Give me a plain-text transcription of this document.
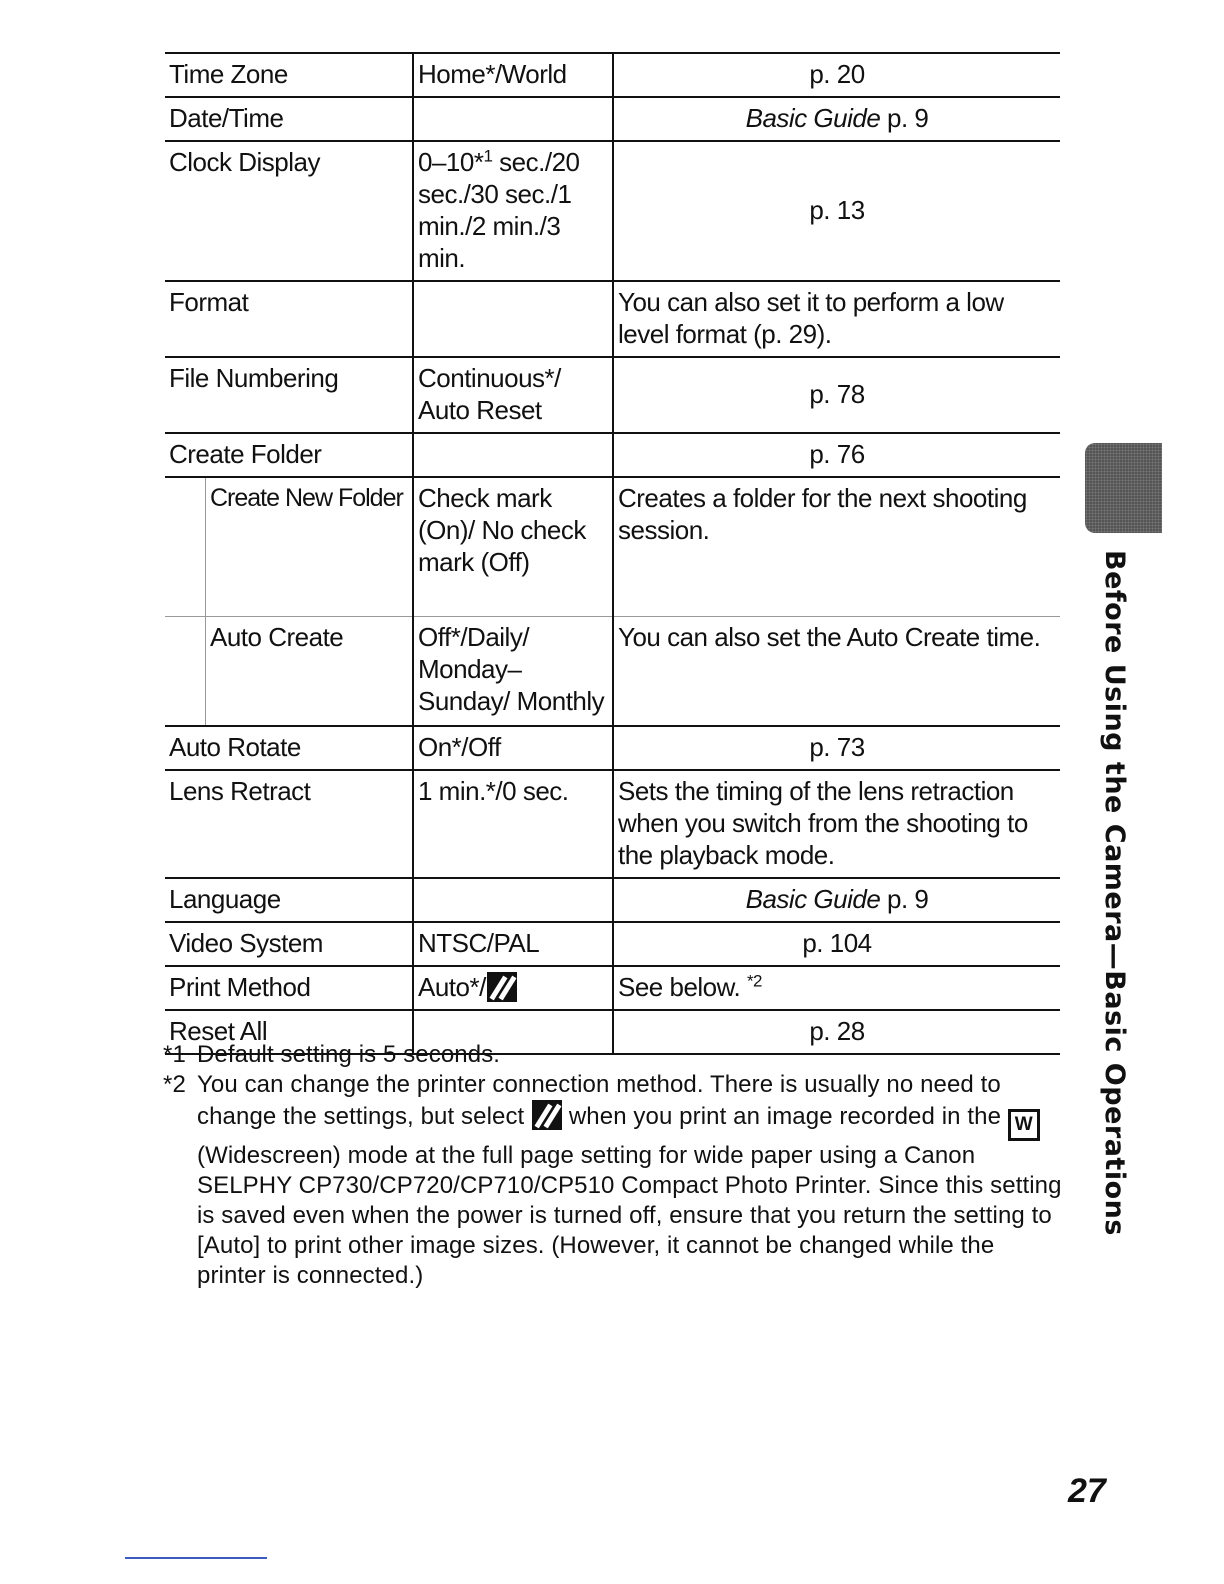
Time Zone	Home*/World	p. 20
Date/Time		Basic Guide p. 9
Clock Display	0–10*$^1$ sec./20 sec./30 sec./1 min./2 min./3 min.	p. 13
Format		You can also set it to perform a low level format (p. 29).
File Numbering	Continuous*/ Auto Reset	p. 78
Create Folder		p. 76

Create New Folder	Check mark (On)/ No check mark (Off)	Creates a folder for the next shooting session.

Auto Create	Off*/Daily/ Monday–Sunday/ Monthly	You can also set the Auto Create time.
Auto Rotate	On*/Off	p. 73
Lens Retract	1 min.*/0 sec.	Sets the timing of the lens retraction when you switch from the shooting to the playback mode.
Language		Basic Guide p. 9
Video System	NTSC/PAL	p. 104
Print Method	Auto*/	See below. $^{*2}$
Reset All		p. 28
*1 Default setting is 5 seconds.
*2 You can change the printer connection method. There is usually no need to change the settings, but select  when you print an image recorded in the W (Widescreen) mode at the full page setting for wide paper using a Canon SELPHY CP730/CP720/CP710/CP510 Compact Photo Printer. Since this setting is saved even when the power is turned off, ensure that you return the setting to [Auto] to print other image sizes. (However, it cannot be changed while the printer is connected.)
Before Using the Camera—Basic Operations
27
